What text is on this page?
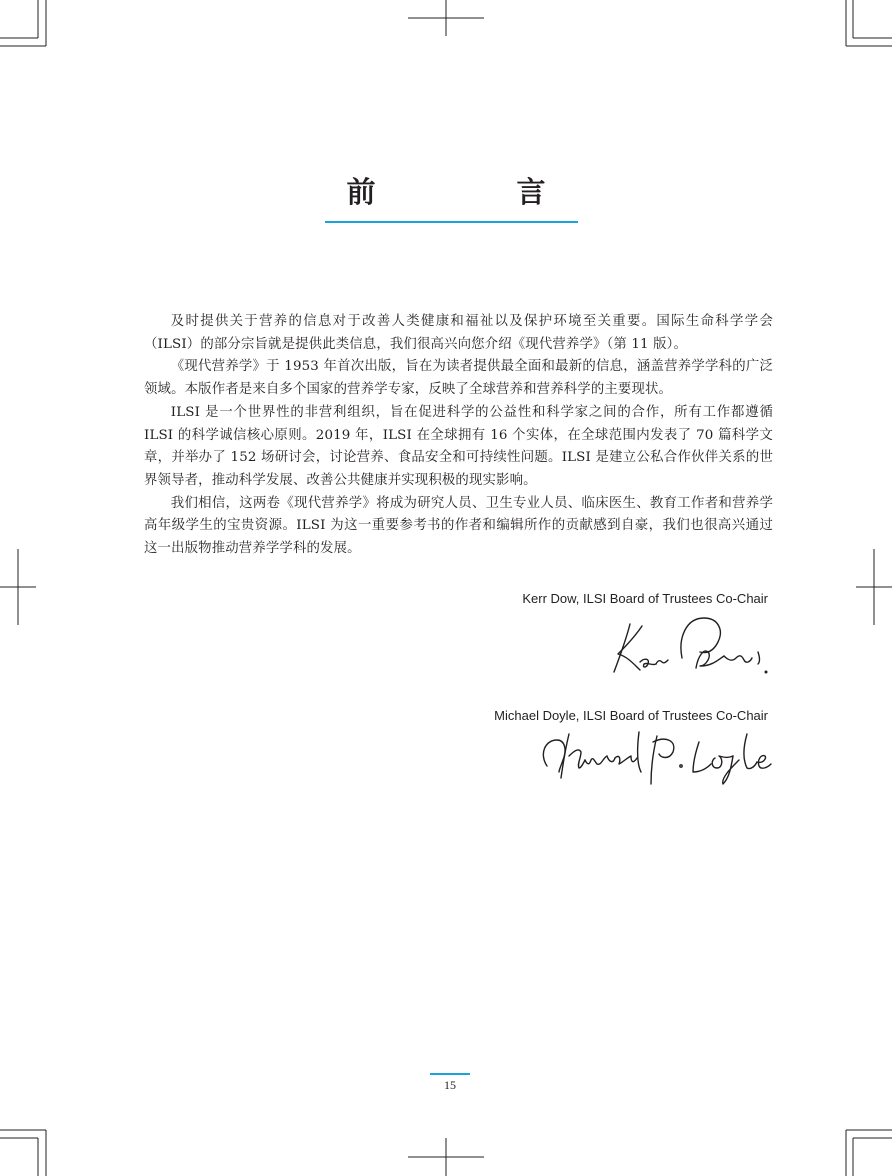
前　言

及时提供关于营养的信息对于改善人类健康和福祉以及保护环境至关重要。国际生命科学学会（ILSI）的部分宗旨就是提供此类信息，我们很高兴向您介绍《现代营养学》（第 11 版）。

《现代营养学》于 1953 年首次出版，旨在为读者提供最全面和最新的信息，涵盖营养学学科的广泛领域。本版作者是来自多个国家的营养学专家，反映了全球营养和营养科学的主要现状。

ILSI 是一个世界性的非营利组织，旨在促进科学的公益性和科学家之间的合作，所有工作都遵循 ILSI 的科学诚信核心原则。2019 年，ILSI 在全球拥有 16 个实体，在全球范围内发表了 70 篇科学文章，并举办了 152 场研讨会，讨论营养、食品安全和可持续性问题。ILSI 是建立公私合作伙伴关系的世界领导者，推动科学发展、改善公共健康并实现积极的现实影响。

我们相信，这两卷《现代营养学》将成为研究人员、卫生专业人员、临床医生、教育工作者和营养学高年级学生的宝贵资源。ILSI 为这一重要参考书的作者和编辑所作的贡献感到自豪，我们也很高兴通过这一出版物推动营养学学科的发展。

Kerr Dow, ILSI Board of Trustees Co-Chair
Michael Doyle, ILSI Board of Trustees Co-Chair
15
